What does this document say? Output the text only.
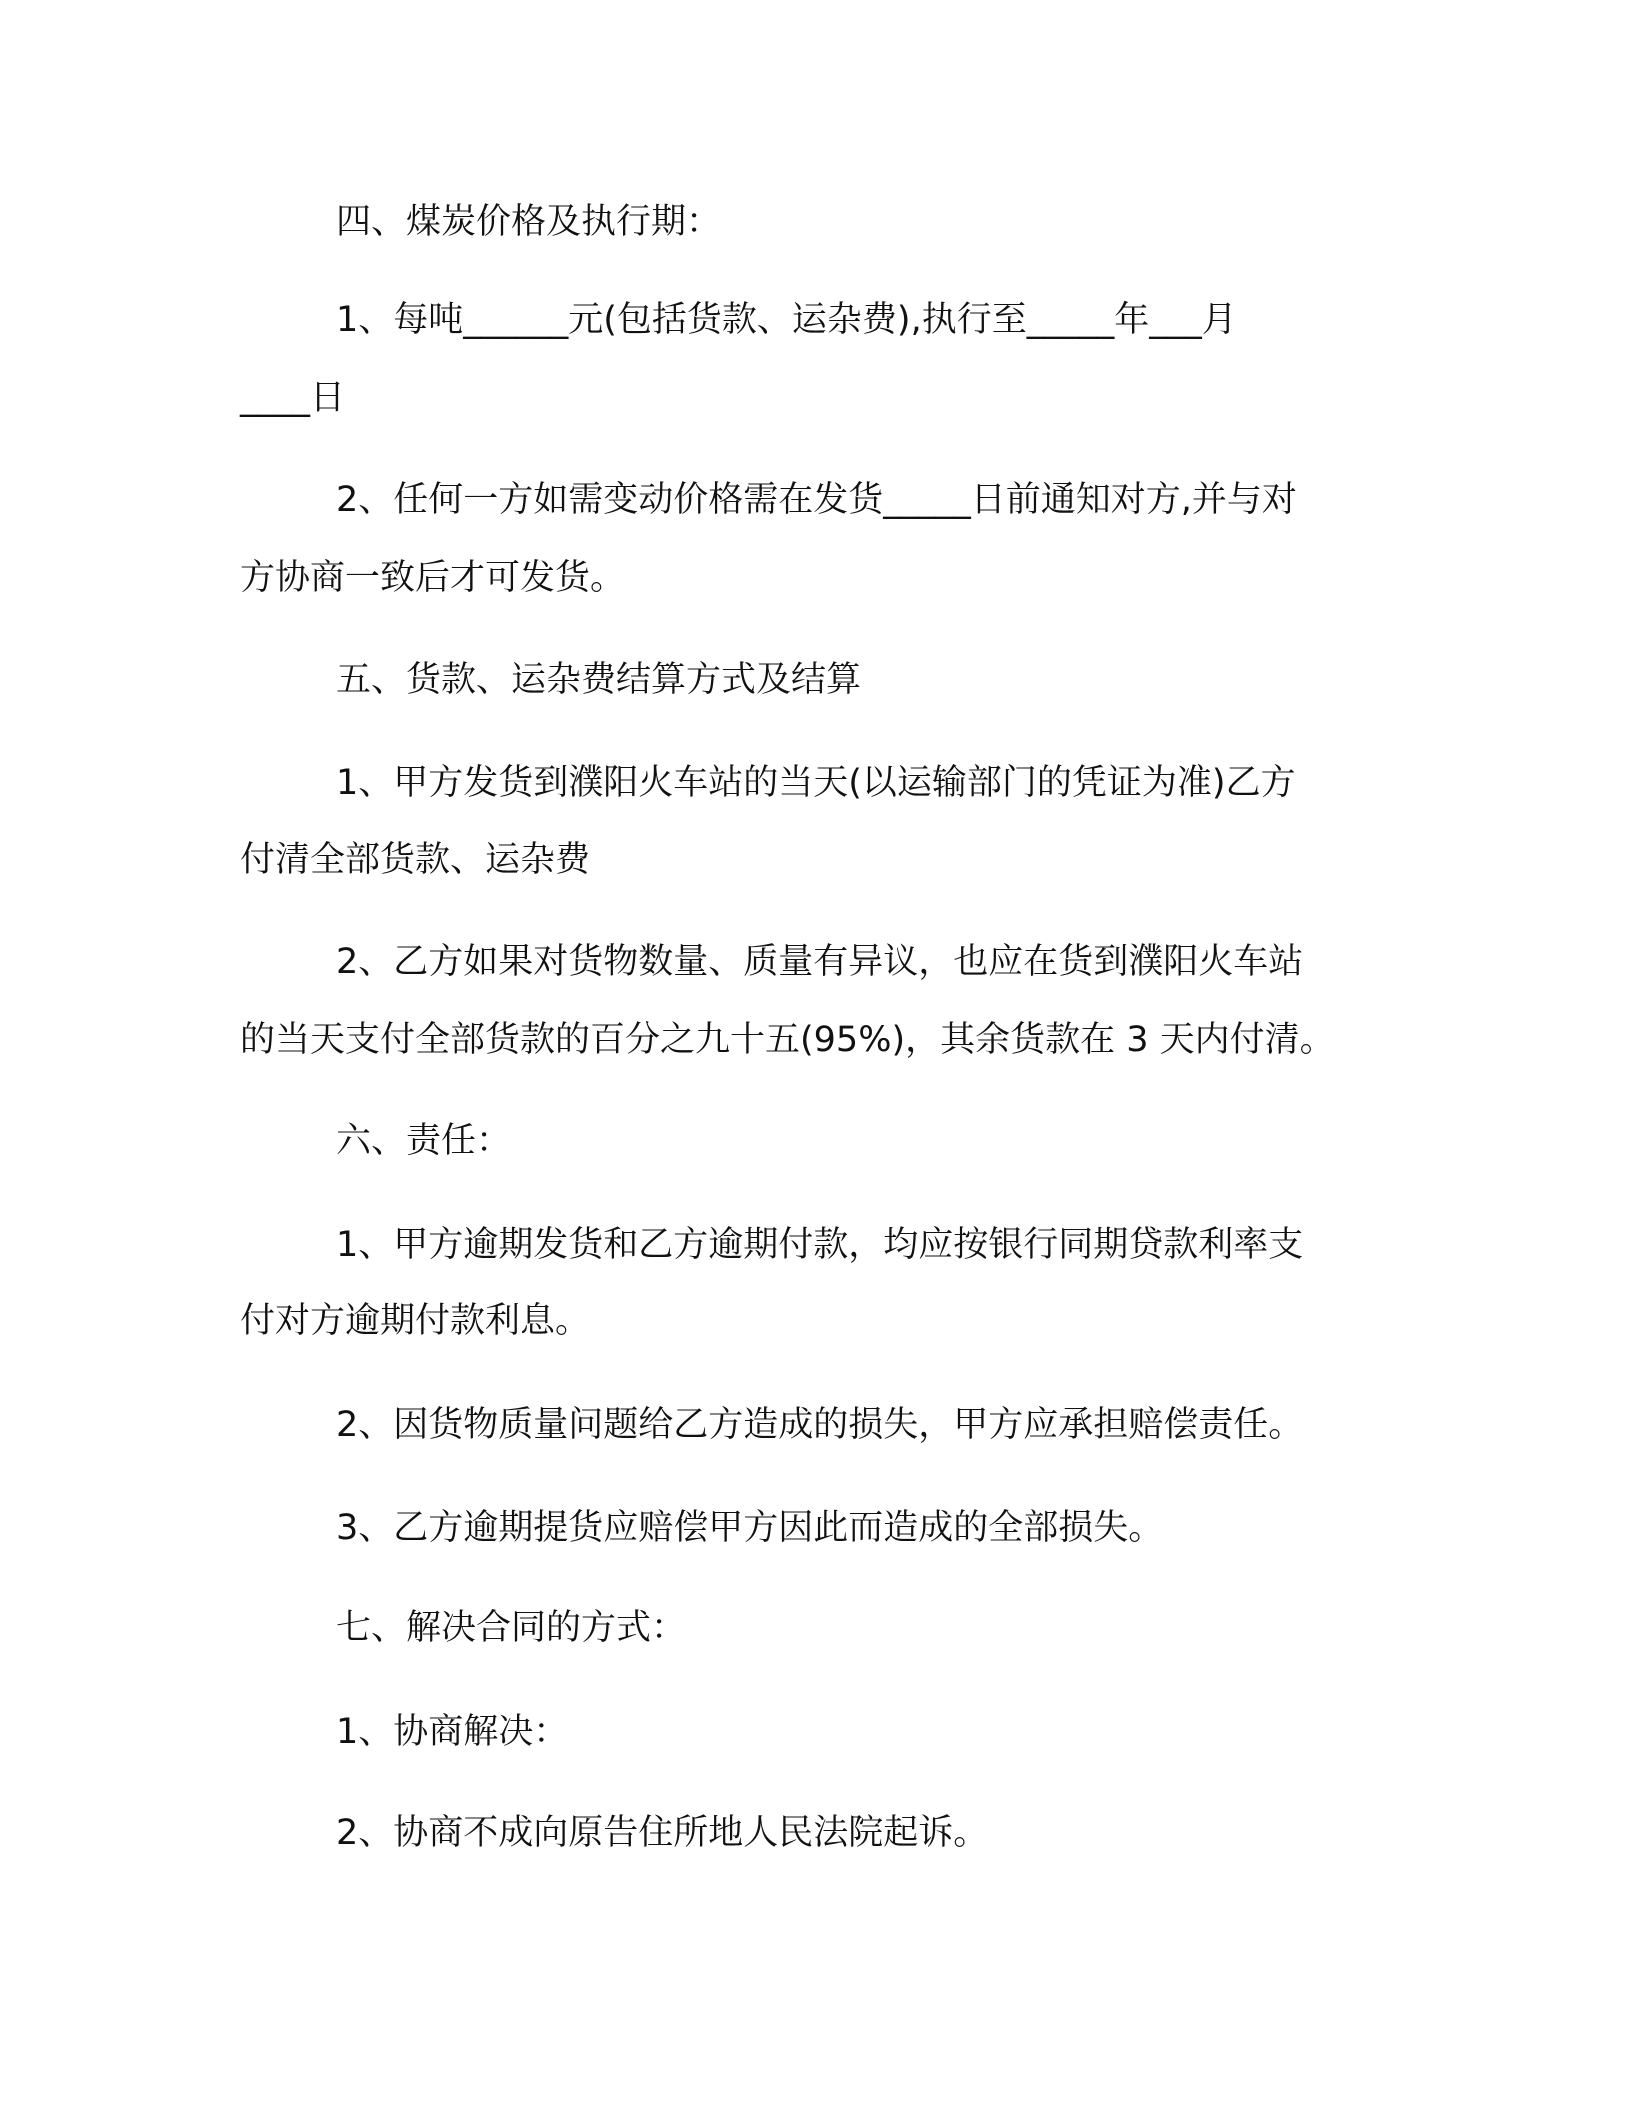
四、煤炭价格及执行期：

1、每吨______元(包括货款、运杂费),执行至_____年___月

____日

2、任何一方如需变动价格需在发货_____日前通知对方,并与对

方协商一致后才可发货。

五、货款、运杂费结算方式及结算

1、甲方发货到濮阳火车站的当天(以运输部门的凭证为准)乙方

付清全部货款、运杂费

2、乙方如果对货物数量、质量有异议，也应在货到濮阳火车站

的当天支付全部货款的百分之九十五(95%)，其余货款在 3 天内付清。

六、责任：

1、甲方逾期发货和乙方逾期付款，均应按银行同期贷款利率支

付对方逾期付款利息。

2、因货物质量问题给乙方造成的损失，甲方应承担赔偿责任。

3、乙方逾期提货应赔偿甲方因此而造成的全部损失。

七、解决合同的方式：

1、协商解决：

2、协商不成向原告住所地人民法院起诉。
